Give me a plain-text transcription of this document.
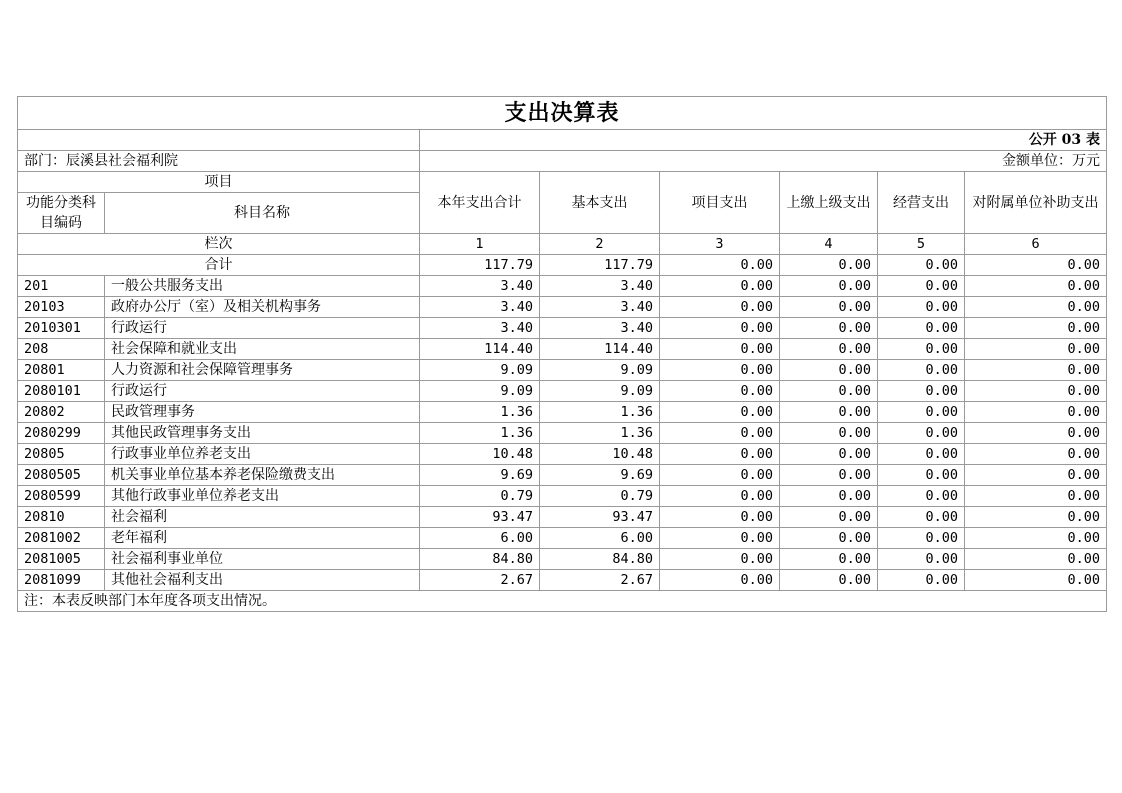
支出决算表							
		公开 03 表					
部门：辰溪县社会福利院		金额单位：万元					
项目		本年支出合计	基本支出	项目支出	上缴上级支出	经营支出	对附属单位补助支出
功能分类科目编码	科目名称						
栏次		1	2	3	4	5	6
合计		117.79	117.79	0.00	0.00	0.00	0.00
201	一般公共服务支出	3.40	3.40	0.00	0.00	0.00	0.00
20103	政府办公厅（室）及相关机构事务	3.40	3.40	0.00	0.00	0.00	0.00
2010301	行政运行	3.40	3.40	0.00	0.00	0.00	0.00
208	社会保障和就业支出	114.40	114.40	0.00	0.00	0.00	0.00
20801	人力资源和社会保障管理事务	9.09	9.09	0.00	0.00	0.00	0.00
2080101	行政运行	9.09	9.09	0.00	0.00	0.00	0.00
20802	民政管理事务	1.36	1.36	0.00	0.00	0.00	0.00
2080299	其他民政管理事务支出	1.36	1.36	0.00	0.00	0.00	0.00
20805	行政事业单位养老支出	10.48	10.48	0.00	0.00	0.00	0.00
2080505	机关事业单位基本养老保险缴费支出	9.69	9.69	0.00	0.00	0.00	0.00
2080599	其他行政事业单位养老支出	0.79	0.79	0.00	0.00	0.00	0.00
20810	社会福利	93.47	93.47	0.00	0.00	0.00	0.00
2081002	老年福利	6.00	6.00	0.00	0.00	0.00	0.00
2081005	社会福利事业单位	84.80	84.80	0.00	0.00	0.00	0.00
2081099	其他社会福利支出	2.67	2.67	0.00	0.00	0.00	0.00
注：本表反映部门本年度各项支出情况。							
